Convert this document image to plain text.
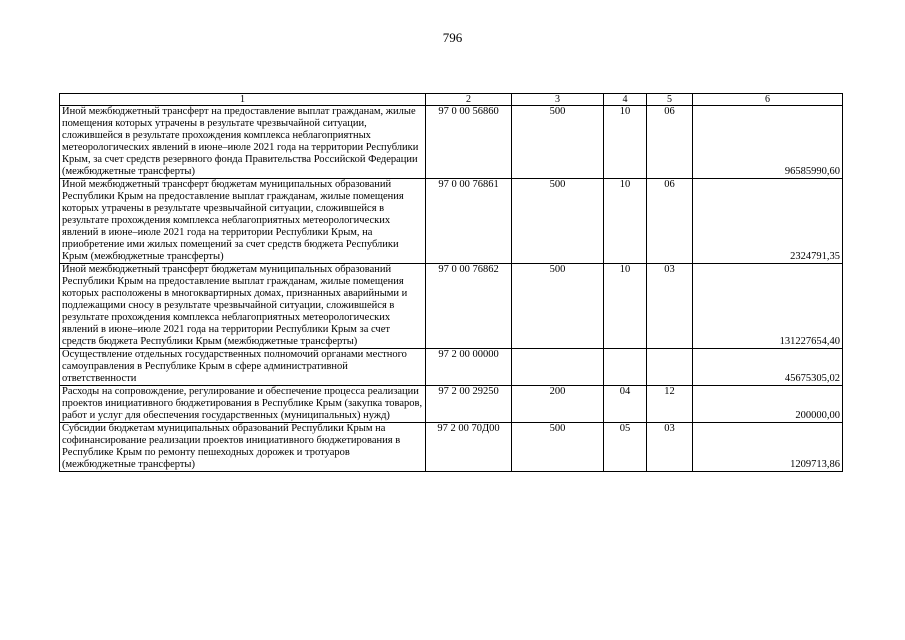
796
1	2	3	4	5	6
Иной межбюджетный трансферт на предоставление выплат гражданам, жилые помещения которых утрачены в результате чрезвычайной ситуации, сложившейся в результате прохождения комплекса неблагоприятных метеорологических явлений в июне–июле 2021 года на территории Республики Крым, за счет средств резервного фонда Правительства Российской Федерации (межбюджетные трансферты)	97 0 00 56860	500	10	06	96585990,60
Иной межбюджетный трансферт бюджетам муниципальных образований Республики Крым на предоставление выплат гражданам, жилые помещения которых утрачены в результате чрезвычайной ситуации, сложившейся в результате прохождения комплекса неблагоприятных метеорологических явлений в июне–июле 2021 года на территории Республики Крым, на приобретение ими жилых помещений за счет средств бюджета Республики Крым (межбюджетные трансферты)	97 0 00 76861	500	10	06	2324791,35
Иной межбюджетный трансферт бюджетам муниципальных образований Республики Крым на предоставление выплат гражданам, жилые помещения которых расположены в многоквартирных домах, признанных аварийными и подлежащими сносу в результате чрезвычайной ситуации, сложившейся в результате прохождения комплекса неблагоприятных метеорологических явлений в июне–июле 2021 года на территории Республики Крым за счет средств бюджета Республики Крым (межбюджетные трансферты)	97 0 00 76862	500	10	03	131227654,40
Осуществление отдельных государственных полномочий органами местного самоуправления в Республике Крым в сфере административной ответственности	97 2 00 00000				45675305,02
Расходы на сопровождение, регулирование и обеспечение процесса реализации проектов инициативного бюджетирования в Республике Крым (закупка товаров, работ и услуг для обеспечения государственных (муниципальных) нужд)	97 2 00 29250	200	04	12	200000,00
Субсидии бюджетам муниципальных образований Республики Крым на софинансирование реализации проектов инициативного бюджетирования в Республике Крым по ремонту пешеходных дорожек и тротуаров (межбюджетные трансферты)	97 2 00 70Д00	500	05	03	1209713,86
